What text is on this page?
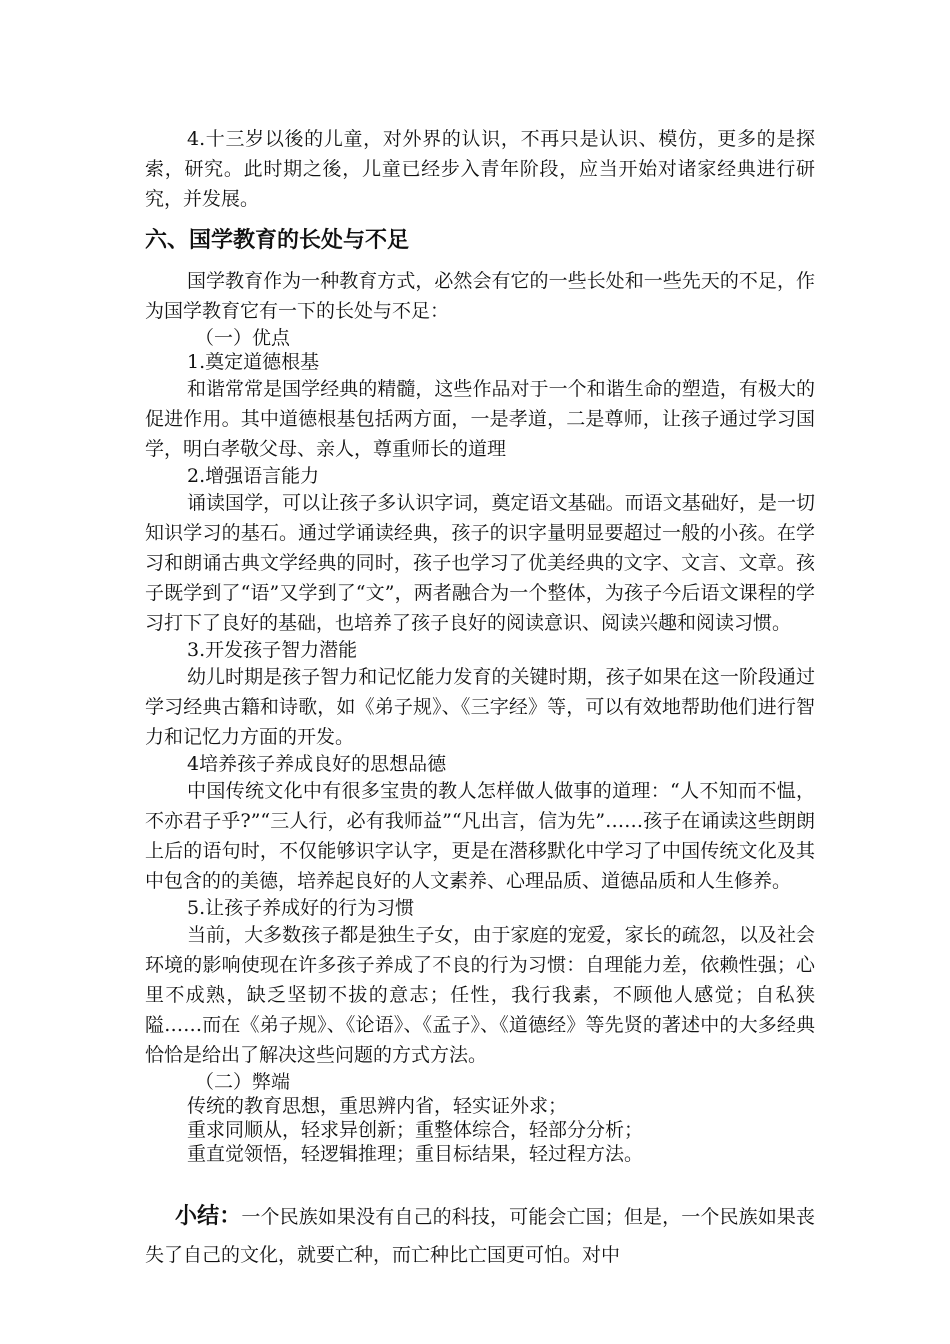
4.十三岁以後的儿童，对外界的认识，不再只是认识、模仿，更多的是探索，研究。此时期之後，儿童已经步入青年阶段，应当开始对诸家经典进行研究，并发展。

六、国学教育的长处与不足

国学教育作为一种教育方式，必然会有它的一些长处和一些先天的不足，作为国学教育它有一下的长处与不足：

（一）优点

1.奠定道德根基

和谐常常是国学经典的精髓，这些作品对于一个和谐生命的塑造，有极大的促进作用。其中道德根基包括两方面，一是孝道，二是尊师，让孩子通过学习国学，明白孝敬父母、亲人，尊重师长的道理

2.增强语言能力

诵读国学，可以让孩子多认识字词，奠定语文基础。而语文基础好，是一切知识学习的基石。通过学诵读经典，孩子的识字量明显要超过一般的小孩。在学习和朗诵古典文学经典的同时，孩子也学习了优美经典的文字、文言、文章。孩子既学到了“语”又学到了“文”，两者融合为一个整体，为孩子今后语文课程的学习打下了良好的基础，也培养了孩子良好的阅读意识、阅读兴趣和阅读习惯。

3.开发孩子智力潜能

幼儿时期是孩子智力和记忆能力发育的关键时期，孩子如果在这一阶段通过学习经典古籍和诗歌，如《弟子规》、《三字经》等，可以有效地帮助他们进行智力和记忆力方面的开发。

4培养孩子养成良好的思想品德

中国传统文化中有很多宝贵的教人怎样做人做事的道理：“人不知而不愠，不亦君子乎?”“三人行，必有我师益”“凡出言，信为先”……孩子在诵读这些朗朗上后的语句时，不仅能够识字认字，更是在潜移默化中学习了中国传统文化及其中包含的的美德，培养起良好的人文素养、心理品质、道德品质和人生修养。

5.让孩子养成好的行为习惯

当前，大多数孩子都是独生子女，由于家庭的宠爱，家长的疏忽，以及社会环境的影响使现在许多孩子养成了不良的行为习惯：自理能力差，依赖性强；心里不成熟，缺乏坚韧不拔的意志；任性，我行我素，不顾他人感觉；自私狭隘……而在《弟子规》、《论语》、《孟子》、《道德经》等先贤的著述中的大多经典恰恰是给出了解决这些问题的方式方法。

（二）弊端

传统的教育思想，重思辨内省，轻实证外求；

重求同顺从，轻求异创新；重整体综合，轻部分分析；

重直觉领悟，轻逻辑推理；重目标结果，轻过程方法。

小结：一个民族如果没有自己的科技，可能会亡国；但是，一个民族如果丧失了自己的文化，就要亡种，而亡种比亡国更可怕。对中
